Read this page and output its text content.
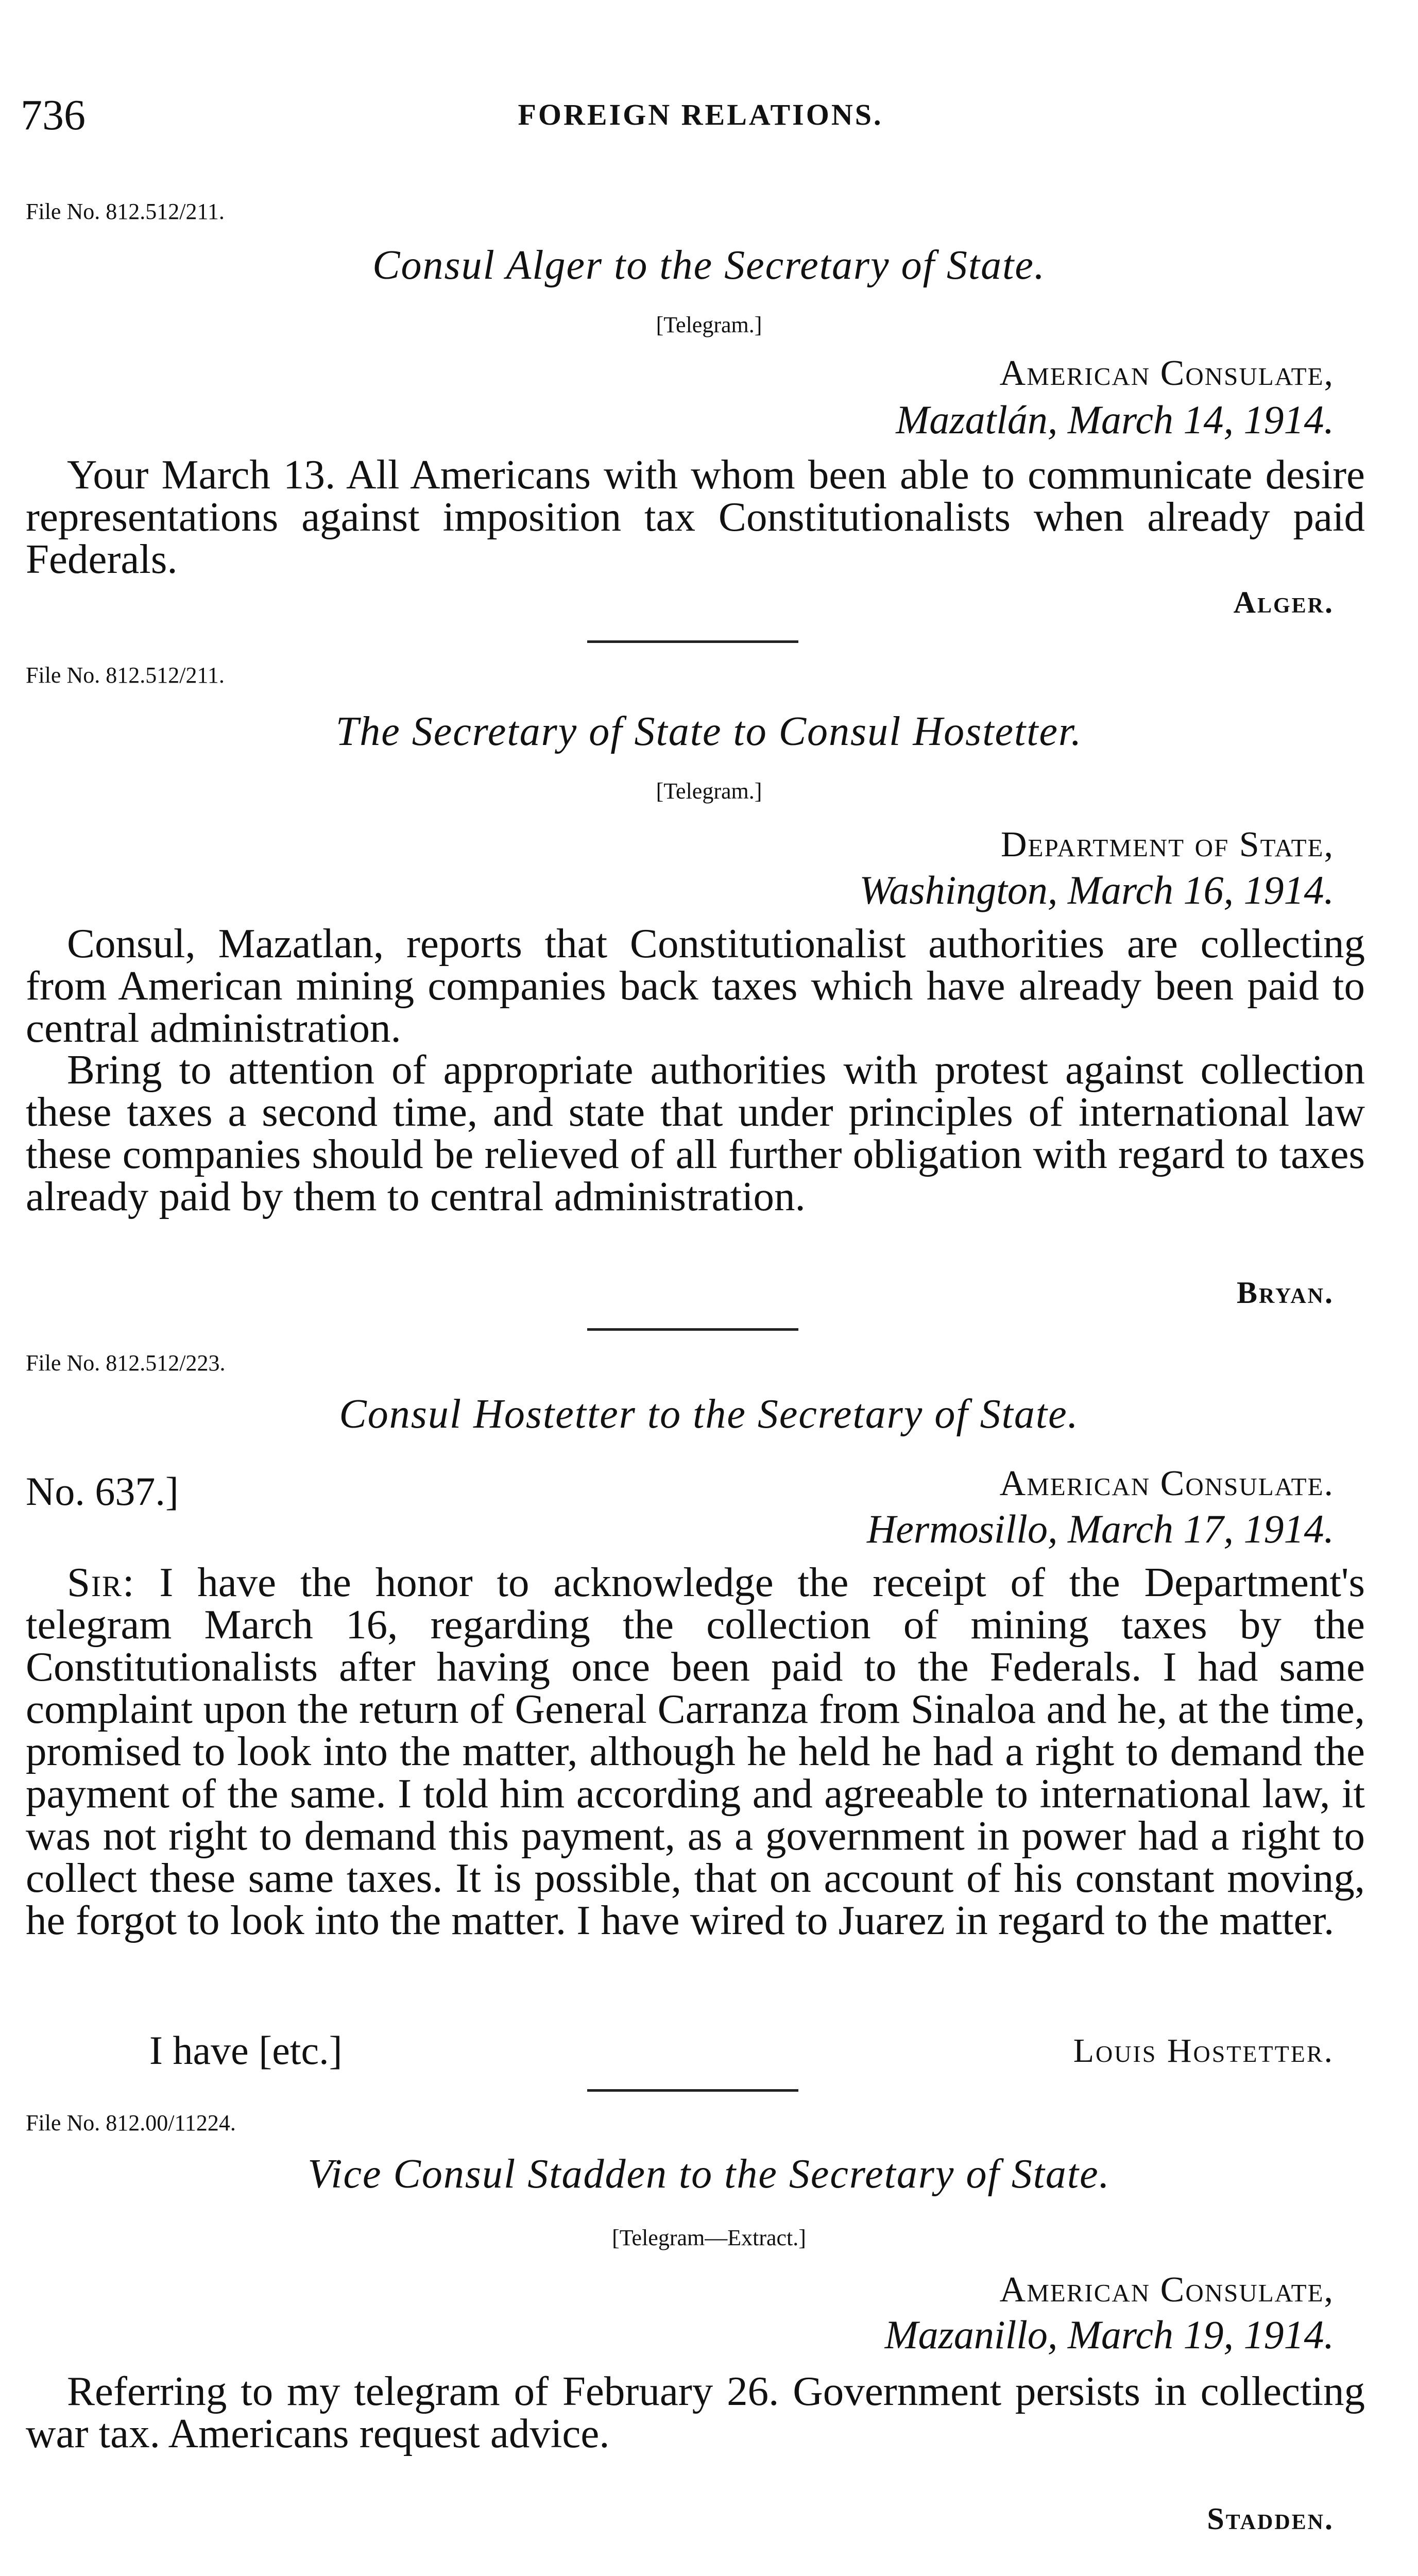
736	FOREIGN RELATIONS.
File No. 812.512/211.
Consul Alger to the Secretary of State.
[Telegram.]
American Consulate,
Mazatlán, March 14, 1914.

Your March 13. All Americans with whom been able to communicate desire representations against imposition tax Constitutionalists when already paid Federals.

Alger.
File No. 812.512/211.
The Secretary of State to Consul Hostetter.
[Telegram.]
Department of State,
Washington, March 16, 1914.

Consul, Mazatlan, reports that Constitutionalist authorities are collecting from American mining companies back taxes which have already been paid to central administration.

Bring to attention of appropriate authorities with protest against collection these taxes a second time, and state that under principles of international law these companies should be relieved of all further obligation with regard to taxes already paid by them to central administration.

Bryan.
File No. 812.512/223.
Consul Hostetter to the Secretary of State.
No. 637.]	American Consulate.
Hermosillo, March 17, 1914.

Sir: I have the honor to acknowledge the receipt of the Department's telegram March 16, regarding the collection of mining taxes by the Constitutionalists after having once been paid to the Federals. I had same complaint upon the return of General Carranza from Sinaloa and he, at the time, promised to look into the matter, although he held he had a right to demand the payment of the same. I told him according and agreeable to international law, it was not right to demand this payment, as a government in power had a right to collect these same taxes. It is possible, that on account of his constant moving, he forgot to look into the matter. I have wired to Juarez in regard to the matter.

I have [etc.]	Louis Hostetter.
File No. 812.00/11224.
Vice Consul Stadden to the Secretary of State.
[Telegram—Extract.]
American Consulate,
Mazanillo, March 19, 1914.

Referring to my telegram of February 26. Government persists in collecting war tax. Americans request advice.

Stadden.
